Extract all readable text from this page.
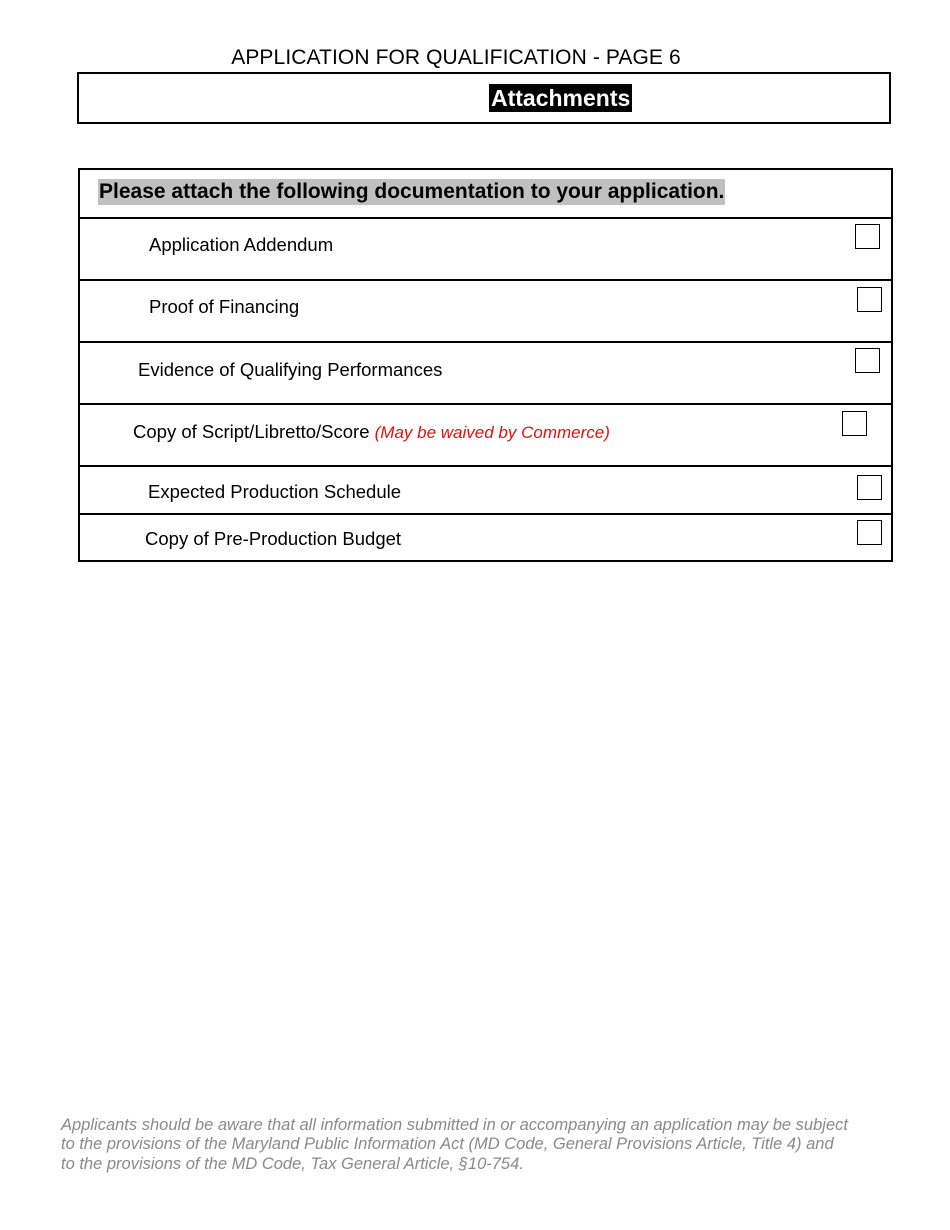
APPLICATION FOR QUALIFICATION - PAGE 6
Attachments
Please attach the following documentation to your application.
Application Addendum
Proof of Financing
Evidence of Qualifying Performances
Copy of Script/Libretto/Score (May be waived by Commerce)
Expected Production Schedule
Copy of Pre-Production Budget
Applicants should be aware that all information submitted in or accompanying an application may be subject
to the provisions of the Maryland Public Information Act (MD Code, General Provisions Article, Title 4) and
to the provisions of the MD Code, Tax General Article, §10-754.
